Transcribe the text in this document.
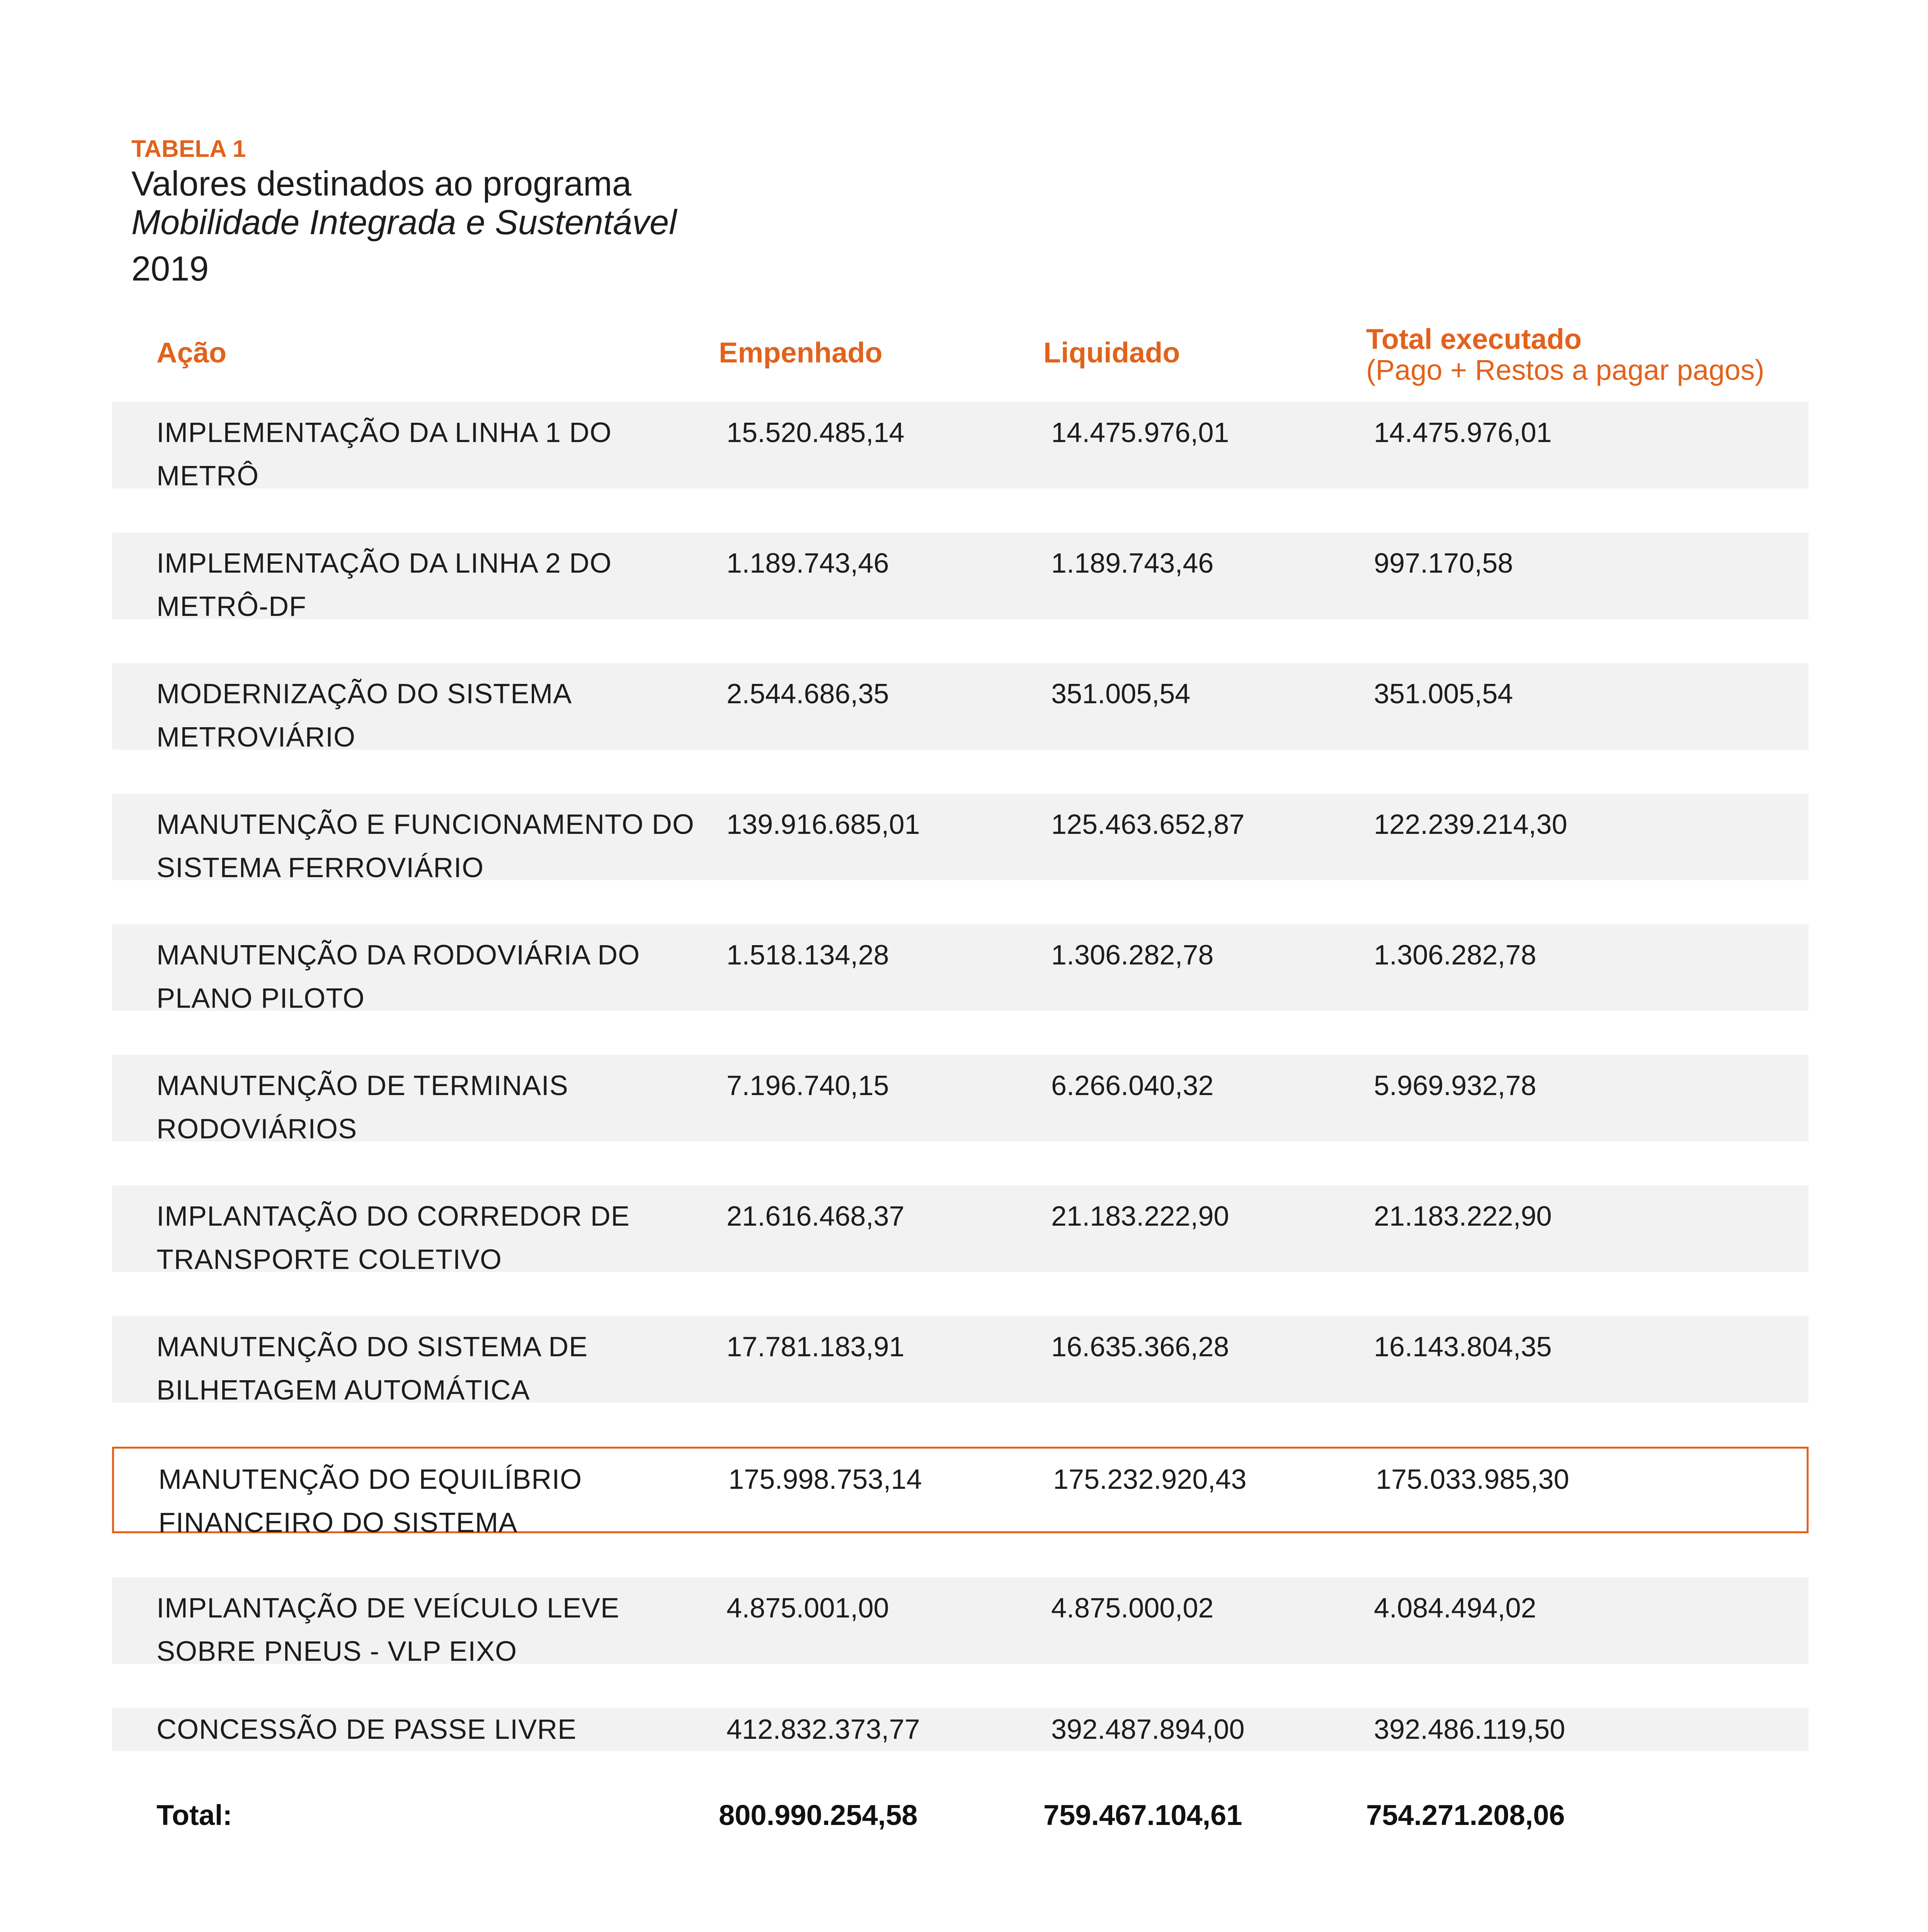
TABELA 1
Valores destinados ao programa
Mobilidade Integrada e Sustentável
2019
Ação	Empenhado	Liquidado	Total executado
(Pago + Restos a pagar pagos)
IMPLEMENTAÇÃO DA LINHA 1 DO METRÔ
15.520.485,14	14.475.976,01	14.475.976,01
IMPLEMENTAÇÃO DA LINHA 2 DO METRÔ-DF
1.189.743,46	1.189.743,46	997.170,58
MODERNIZAÇÃO DO SISTEMA METROVIÁRIO
2.544.686,35	351.005,54	351.005,54
MANUTENÇÃO E FUNCIONAMENTO DO SISTEMA FERROVIÁRIO
139.916.685,01	125.463.652,87	122.239.214,30
MANUTENÇÃO DA RODOVIÁRIA DO PLANO PILOTO
1.518.134,28	1.306.282,78	1.306.282,78
MANUTENÇÃO DE TERMINAIS RODOVIÁRIOS
7.196.740,15	6.266.040,32	5.969.932,78
IMPLANTAÇÃO DO CORREDOR DE TRANSPORTE COLETIVO
21.616.468,37	21.183.222,90	21.183.222,90
MANUTENÇÃO DO SISTEMA DE BILHETAGEM AUTOMÁTICA
17.781.183,91	16.635.366,28	16.143.804,35
MANUTENÇÃO DO EQUILÍBRIO FINANCEIRO DO SISTEMA
175.998.753,14	175.232.920,43	175.033.985,30
IMPLANTAÇÃO DE VEÍCULO LEVE SOBRE PNEUS - VLP EIXO
4.875.001,00	4.875.000,02	4.084.494,02
CONCESSÃO DE PASSE LIVRE	412.832.373,77	392.487.894,00	392.486.119,50
Total:	800.990.254,58	759.467.104,61	754.271.208,06
